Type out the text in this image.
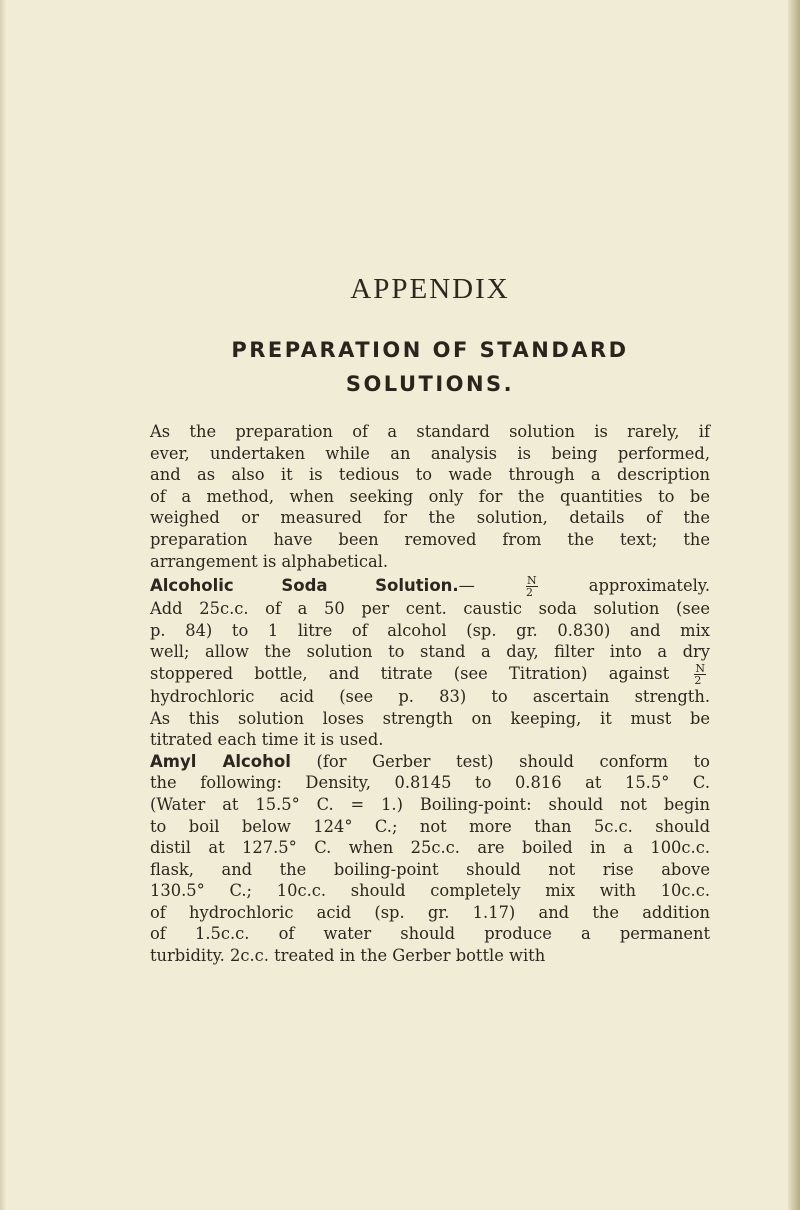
APPENDIX
PREPARATION OF STANDARD
SOLUTIONS.
As the preparation of a standard solution is rarely, if
ever, undertaken while an analysis is being performed,
and as also it is tedious to wade through a description
of a method, when seeking only for the quantities to be
weighed or measured for the solution, details of the
preparation have been removed from the text; the
arrangement is alphabetical.
Alcoholic Soda Solution.—	$\frac{N}{2}$	approximately.
Add 25c.c. of a 50 per cent. caustic soda solution (see
p. 84) to 1 litre of alcohol (sp. gr. 0.830) and mix
well; allow the solution to stand a day, filter into a dry
stoppered bottle, and titrate (see Titration) against $\frac{N}{2}$
hydrochloric acid (see p. 83) to ascertain strength.
As this solution loses strength on keeping, it must be
titrated each time it is used.
Amyl Alcohol (for Gerber test) should conform to
the following: Density, 0.8145 to 0.816 at 15.5° C.
(Water at 15.5° C. = 1.) Boiling-point: should not begin
to boil below 124° C.; not more than 5c.c. should
distil at 127.5° C. when 25c.c. are boiled in a 100c.c.
flask, and the boiling-point should not rise above
130.5° C.; 10c.c. should completely mix with 10c.c.
of hydrochloric acid (sp. gr. 1.17) and the addition
of 1.5c.c. of water should produce a permanent
turbidity. 2c.c. treated in the Gerber bottle with
